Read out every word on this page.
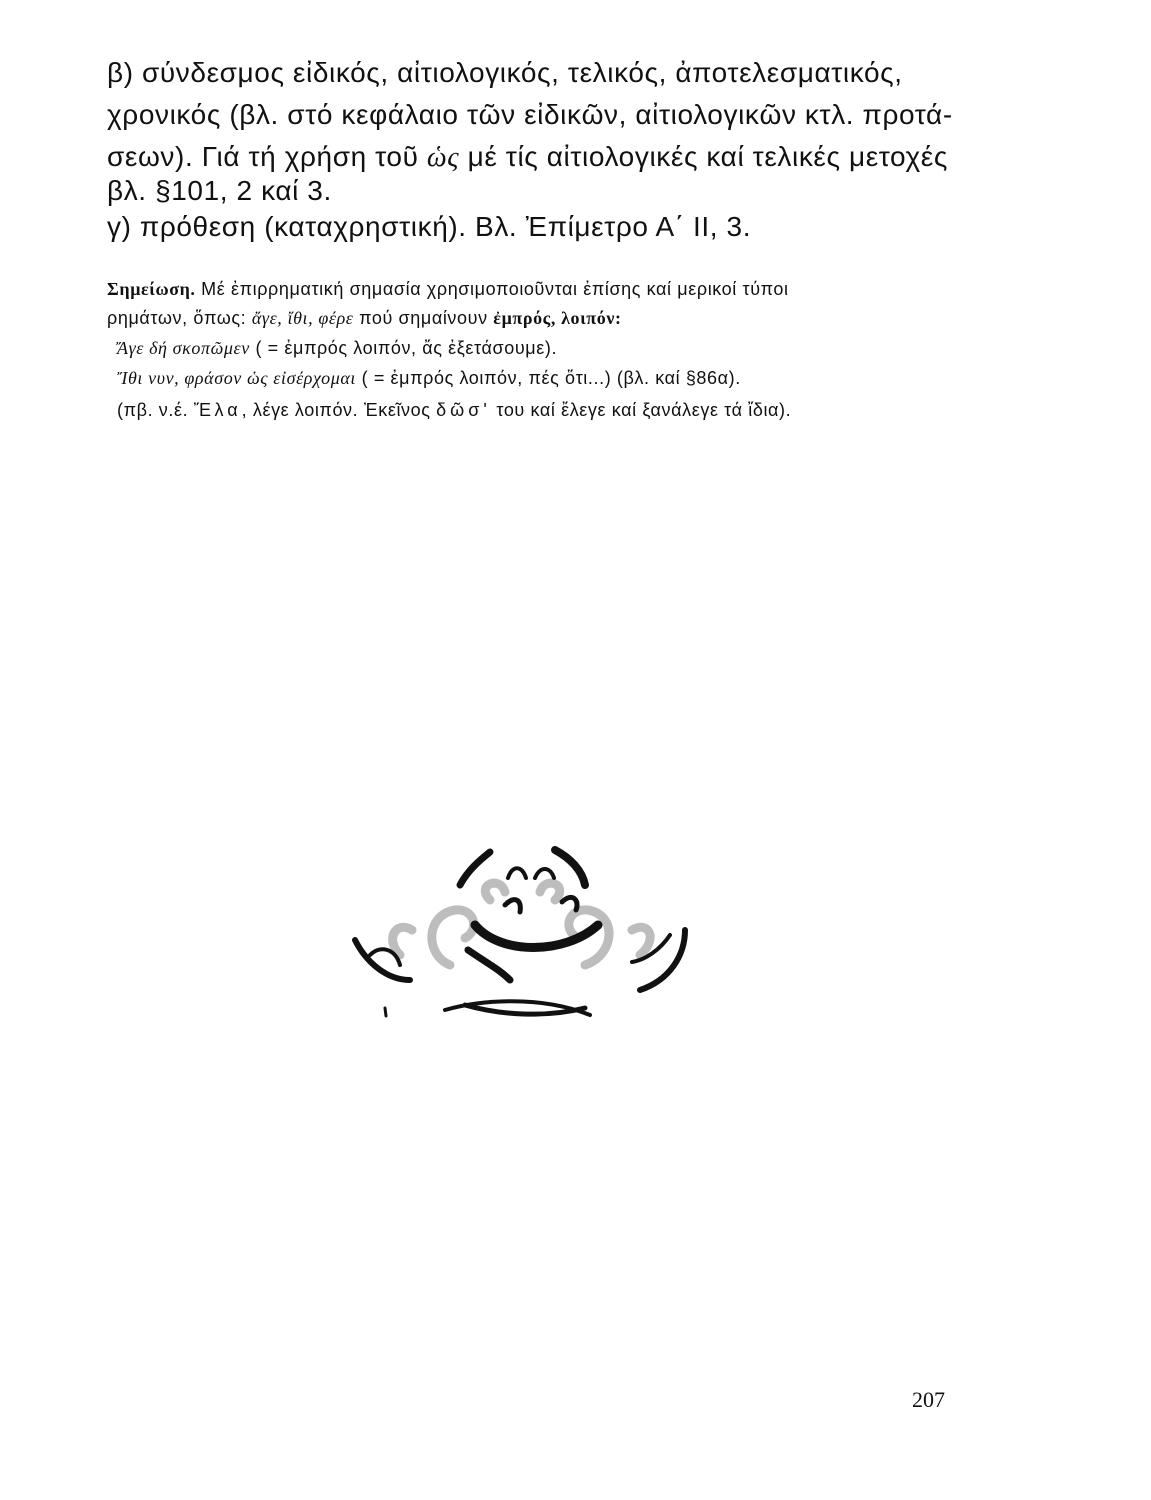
β) σύνδεσμος εἰδικός, αἰτιολογικός, τελικός, ἀποτελεσματικός,
χρονικός (βλ. στό κεφάλαιο τῶν εἰδικῶν, αἰτιολογικῶν κτλ. προτά-
σεων). Γιά τή χρήση τοῦ ὡς μέ τίς αἰτιολογικές καί τελικές μετοχές
βλ. §101, 2 καί 3.
γ) πρόθεση (καταχρηστική). Βλ. Ἐπίμετρο Α΄ ΙΙ, 3.
Σημείωση. Μέ ἐπιρρηματική σημασία χρησιμοποιοῦνται ἐπίσης καί μερικοί τύποι
ρημάτων, ὅπως: ἄγε, ἴθι, φέρε πού σημαίνουν ἐμπρός, λοιπόν:
Ἄγε δή σκοπῶμεν ( = ἐμπρός λοιπόν, ἄς ἐξετάσουμε).
Ἴθι νυν, φράσον ὡς εἰσέρχομαι ( = ἐμπρός λοιπόν, πές ὅτι...) (βλ. καί §86α).
(πβ. ν.έ. Ἔλα, λέγε λοιπόν. Ἐκεῖνος δῶσ' του καί ἔλεγε καί ξανάλεγε τά ἴδια).
207
